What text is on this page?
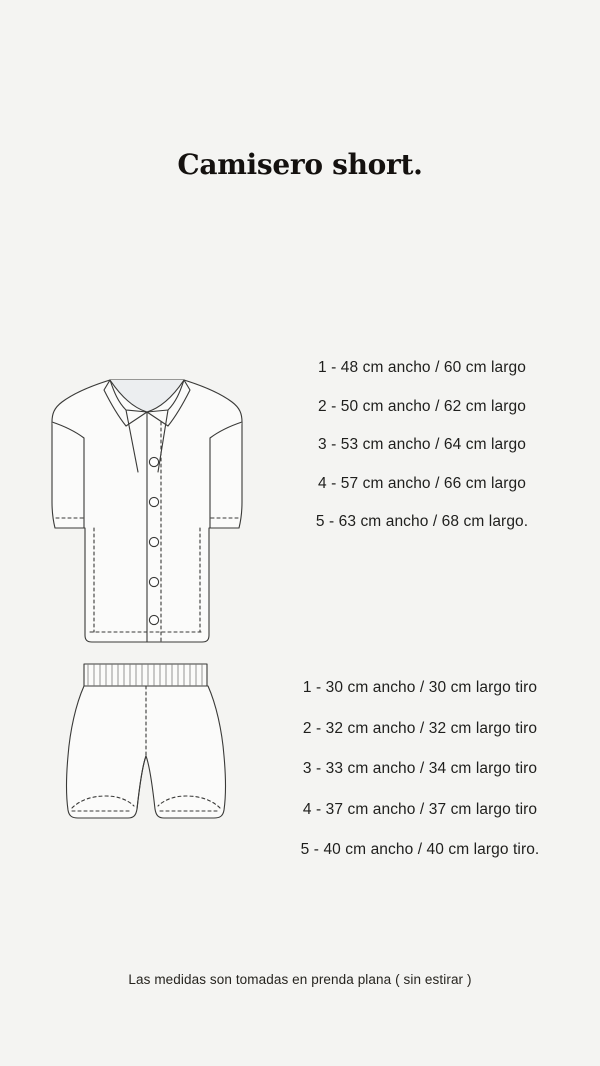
Camisero short.
1 - 48 cm ancho / 60 cm largo
2 - 50 cm ancho / 62 cm largo
3 - 53 cm ancho / 64 cm largo
4 - 57 cm ancho / 66 cm largo
5 - 63 cm ancho / 68 cm largo.
1 - 30 cm ancho / 30 cm largo tiro
2 - 32 cm ancho / 32 cm largo tiro
3 - 33 cm ancho / 34 cm largo tiro
4 - 37 cm ancho / 37 cm largo tiro
5 - 40 cm ancho / 40 cm largo tiro.
Las medidas son tomadas en prenda plana ( sin estirar )
